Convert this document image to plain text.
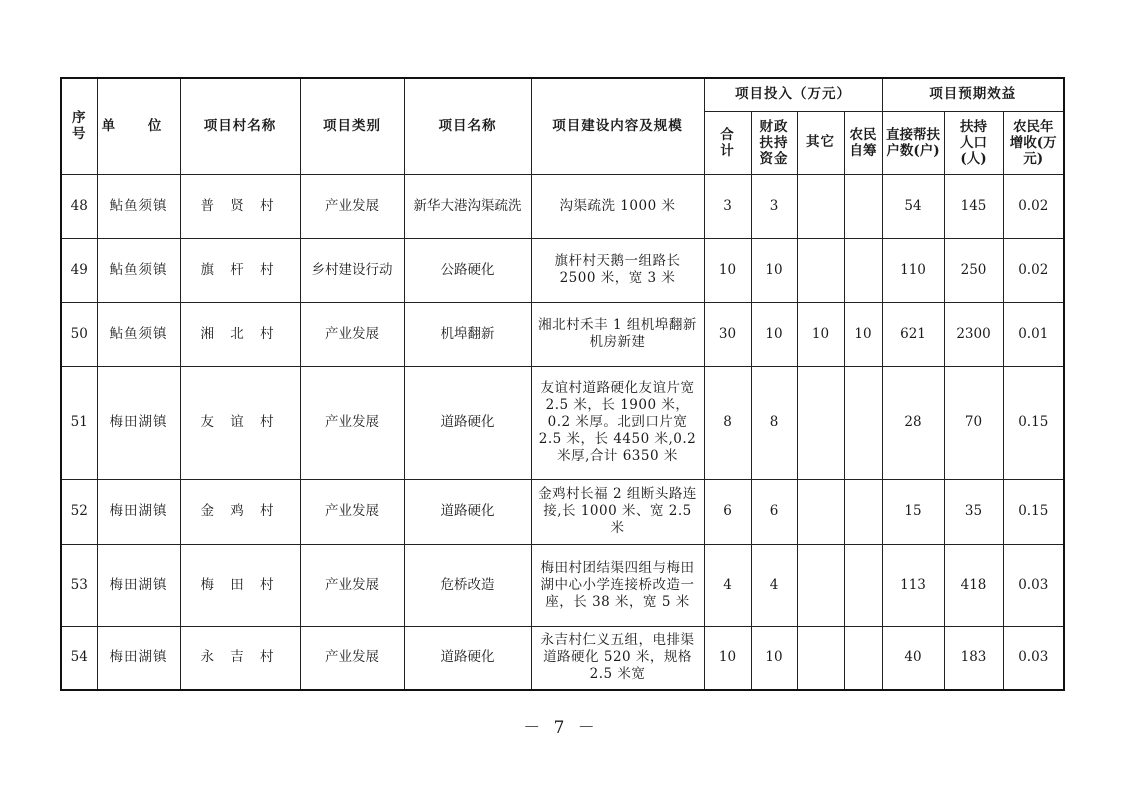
序号	单 位	项目村名称	项目类别	项目名称	项目建设内容及规模	项目投入（万元）				项目预期效益		
						合计	财政扶持资金	其它	农民自筹	直接帮扶户数(户)	扶持人口(人)	农民年增收(万元)
48	鲇鱼须镇	普 贤 村	产业发展	新华大港沟渠疏洗	沟渠疏洗 1000 米	3	3			54	145	0.02
49	鲇鱼须镇	旗 杆 村	乡村建设行动	公路硬化	旗杆村天鹅一组路长 2500 米，宽 3 米	10	10			110	250	0.02
50	鲇鱼须镇	湘 北 村	产业发展	机埠翻新	湘北村禾丰 1 组机埠翻新机房新建	30	10	10	10	621	2300	0.01
51	梅田湖镇	友 谊 村	产业发展	道路硬化	友谊村道路硬化友谊片宽 2.5 米，长 1900 米，0.2 米厚。北剅口片宽 2.5 米，长 4450 米,0.2 米厚,合计 6350 米	8	8			28	70	0.15
52	梅田湖镇	金 鸡 村	产业发展	道路硬化	金鸡村长福 2 组断头路连接,长 1000 米、宽 2.5 米	6	6			15	35	0.15
53	梅田湖镇	梅 田 村	产业发展	危桥改造	梅田村团结渠四组与梅田湖中心小学连接桥改造一座，长 38 米，宽 5 米	4	4			113	418	0.03
54	梅田湖镇	永 吉 村	产业发展	道路硬化	永吉村仁义五组，电排渠道路硬化 520 米，规格 2.5 米宽	10	10			40	183	0.03
－ 7 －
